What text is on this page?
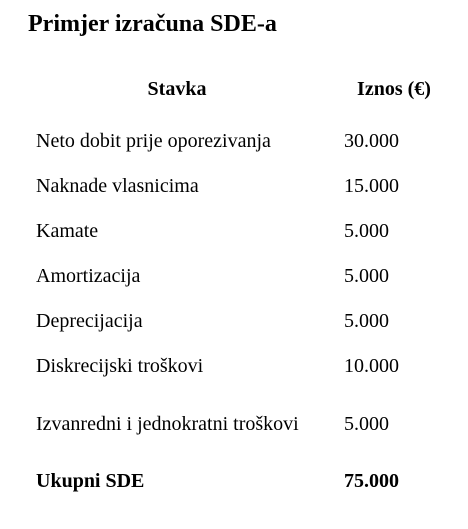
Primjer izračuna SDE-a
Stavka	Iznos (€)
Neto dobit prije oporezivanja	30.000
Naknade vlasnicima	15.000
Kamate	5.000
Amortizacija	5.000
Deprecijacija	5.000
Diskrecijski troškovi	10.000
Izvanredni i jednokratni troškovi	5.000
Ukupni SDE	75.000
